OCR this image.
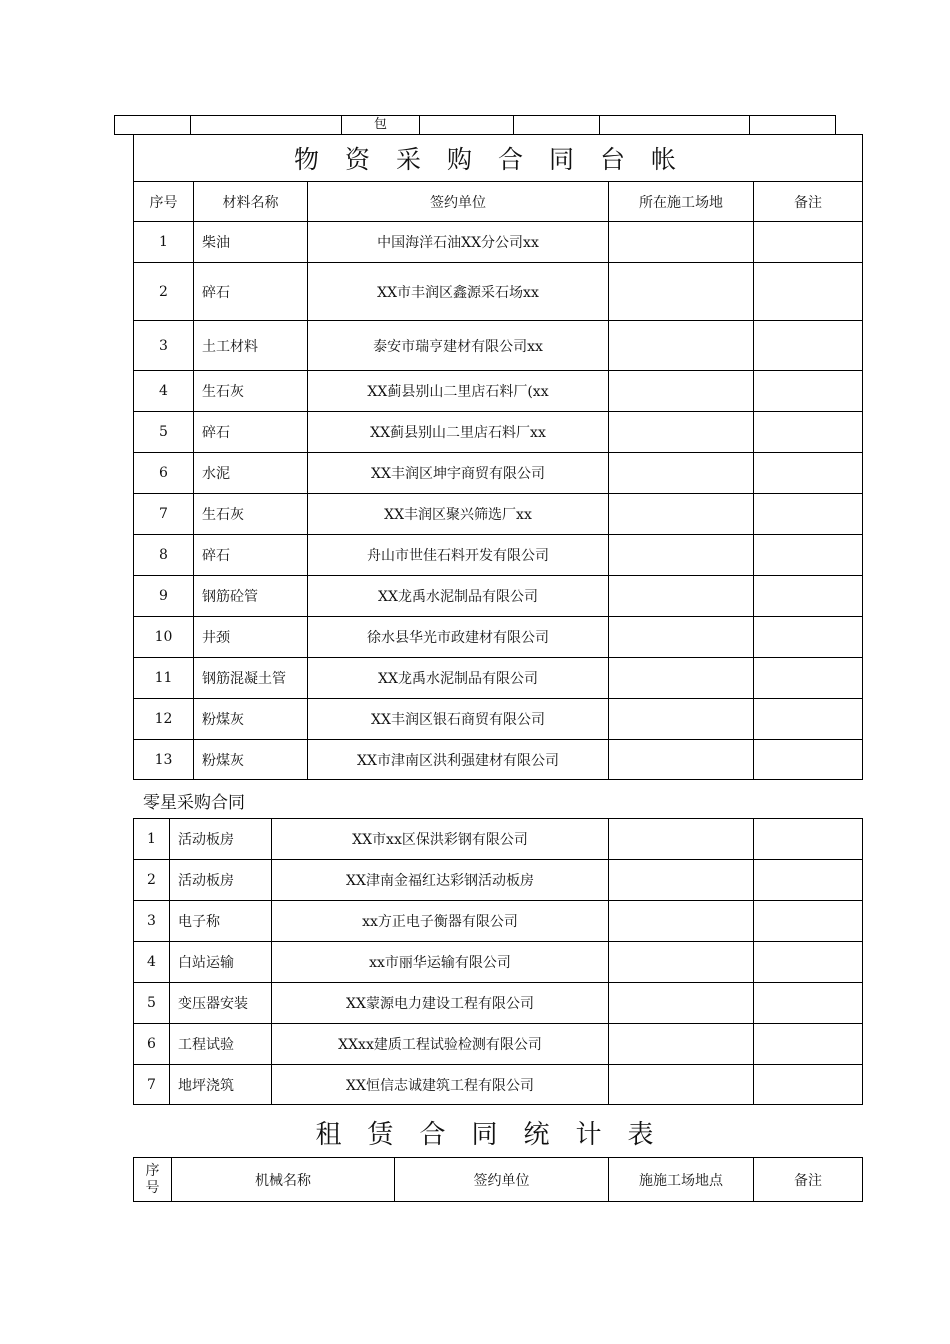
		包					
物资采购合同台帐				
序号	材料名称	签约单位	所在施工场地	备注
1	柴油	中国海洋石油XX分公司xx		
2	碎石	XX市丰润区鑫源采石场xx		
3	土工材料	泰安市瑞亨建材有限公司xx		
4	生石灰	XX蓟县别山二里店石料厂(xx		
5	碎石	XX蓟县别山二里店石料厂xx		
6	水泥	XX丰润区坤宇商贸有限公司		
7	生石灰	XX丰润区聚兴筛选厂xx		
8	碎石	舟山市世佳石料开发有限公司		
9	钢筋砼管	XX龙禹水泥制品有限公司		
10	井颈	徐水县华光市政建材有限公司		
11	钢筋混凝土管	XX龙禹水泥制品有限公司		
12	粉煤灰	XX丰润区银石商贸有限公司		
13	粉煤灰	XX市津南区洪利强建材有限公司		
零星采购合同
1	活动板房	XX市xx区保洪彩钢有限公司		
2	活动板房	XX津南金福红达彩钢活动板房		
3	电子称	xx方正电子衡器有限公司		
4	白站运输	xx市丽华运输有限公司		
5	变压器安装	XX蒙源电力建设工程有限公司		
6	工程试验	XXxx建质工程试验检测有限公司		
7	地坪浇筑	XX恒信志诚建筑工程有限公司		
租赁合同统计表
序号	机械名称	签约单位	施施工场地点	备注
